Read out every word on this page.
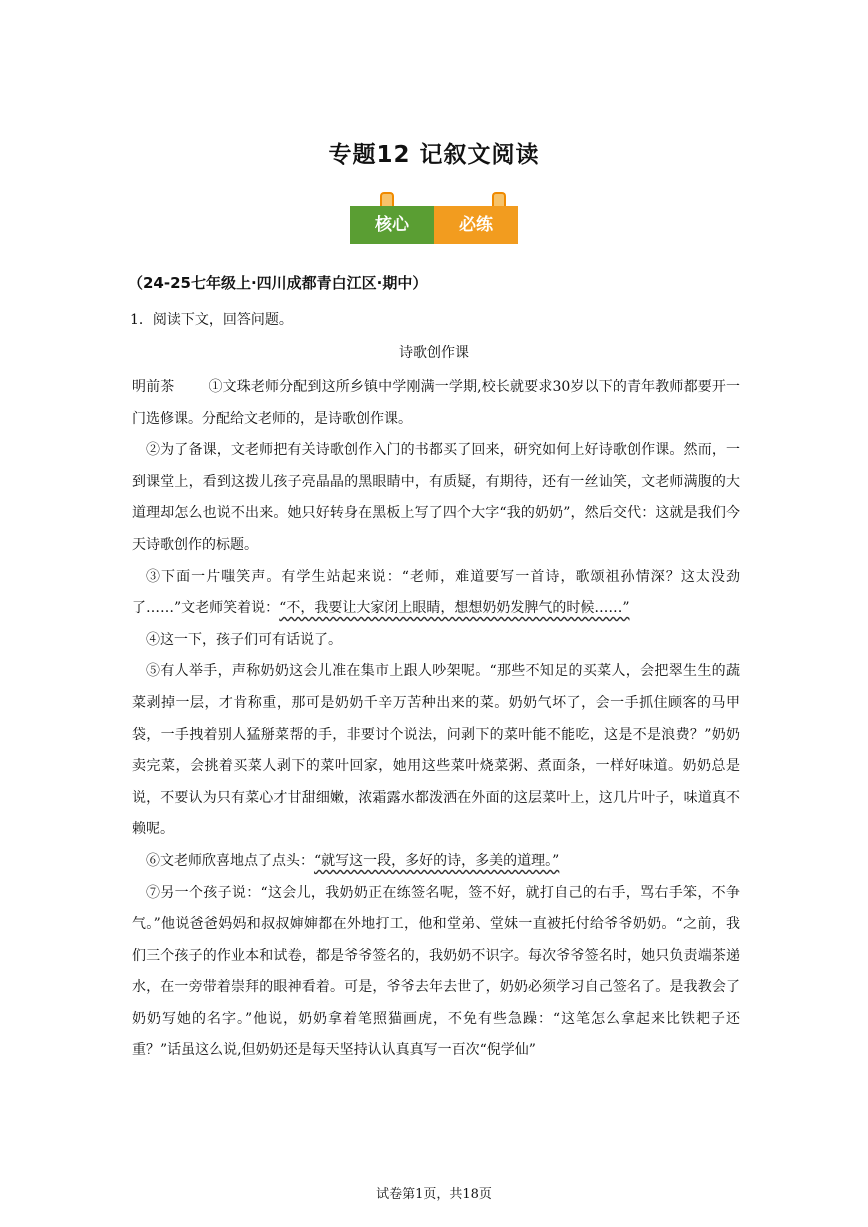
专题12 记叙文阅读
核心	必练
（24-25七年级上·四川成都青白江区·期中）
1．阅读下文，回答问题。
诗歌创作课

明前茶 ①文珠老师分配到这所乡镇中学刚满一学期,校长就要求30岁以下的青年教师都要开一门选修课。分配给文老师的，是诗歌创作课。

②为了备课，文老师把有关诗歌创作入门的书都买了回来，研究如何上好诗歌创作课。然而，一到课堂上，看到这拨儿孩子亮晶晶的黑眼睛中，有质疑，有期待，还有一丝讪笑，文老师满腹的大道理却怎么也说不出来。她只好转身在黑板上写了四个大字“我的奶奶”，然后交代：这就是我们今天诗歌创作的标题。

③下面一片嗤笑声。有学生站起来说：“老师，难道要写一首诗，歌颂祖孙情深？这太没劲了……”文老师笑着说：“不，我要让大家闭上眼睛，想想奶奶发脾气的时候……”

④这一下，孩子们可有话说了。

⑤有人举手，声称奶奶这会儿准在集市上跟人吵架呢。“那些不知足的买菜人，会把翠生生的蔬菜剥掉一层，才肯称重，那可是奶奶千辛万苦种出来的菜。奶奶气坏了，会一手抓住顾客的马甲袋，一手拽着别人猛掰菜帮的手，非要讨个说法，问剥下的菜叶能不能吃，这是不是浪费？”奶奶卖完菜，会挑着买菜人剥下的菜叶回家，她用这些菜叶烧菜粥、煮面条，一样好味道。奶奶总是说，不要认为只有菜心才甘甜细嫩，浓霜露水都泼洒在外面的这层菜叶上，这几片叶子，味道真不赖呢。

⑥文老师欣喜地点了点头：“就写这一段，多好的诗，多美的道理。”

⑦另一个孩子说：“这会儿，我奶奶正在练签名呢，签不好，就打自己的右手，骂右手笨，不争气。”他说爸爸妈妈和叔叔婶婶都在外地打工，他和堂弟、堂妹一直被托付给爷爷奶奶。“之前，我们三个孩子的作业本和试卷，都是爷爷签名的，我奶奶不识字。每次爷爷签名时，她只负责端茶递水，在一旁带着崇拜的眼神看着。可是，爷爷去年去世了，奶奶必须学习自己签名了。是我教会了奶奶写她的名字。”他说，奶奶拿着笔照猫画虎，不免有些急躁：“这笔怎么拿起来比铁耙子还重？”话虽这么说,但奶奶还是每天坚持认认真真写一百次“倪学仙”

试卷第1页，共18页
